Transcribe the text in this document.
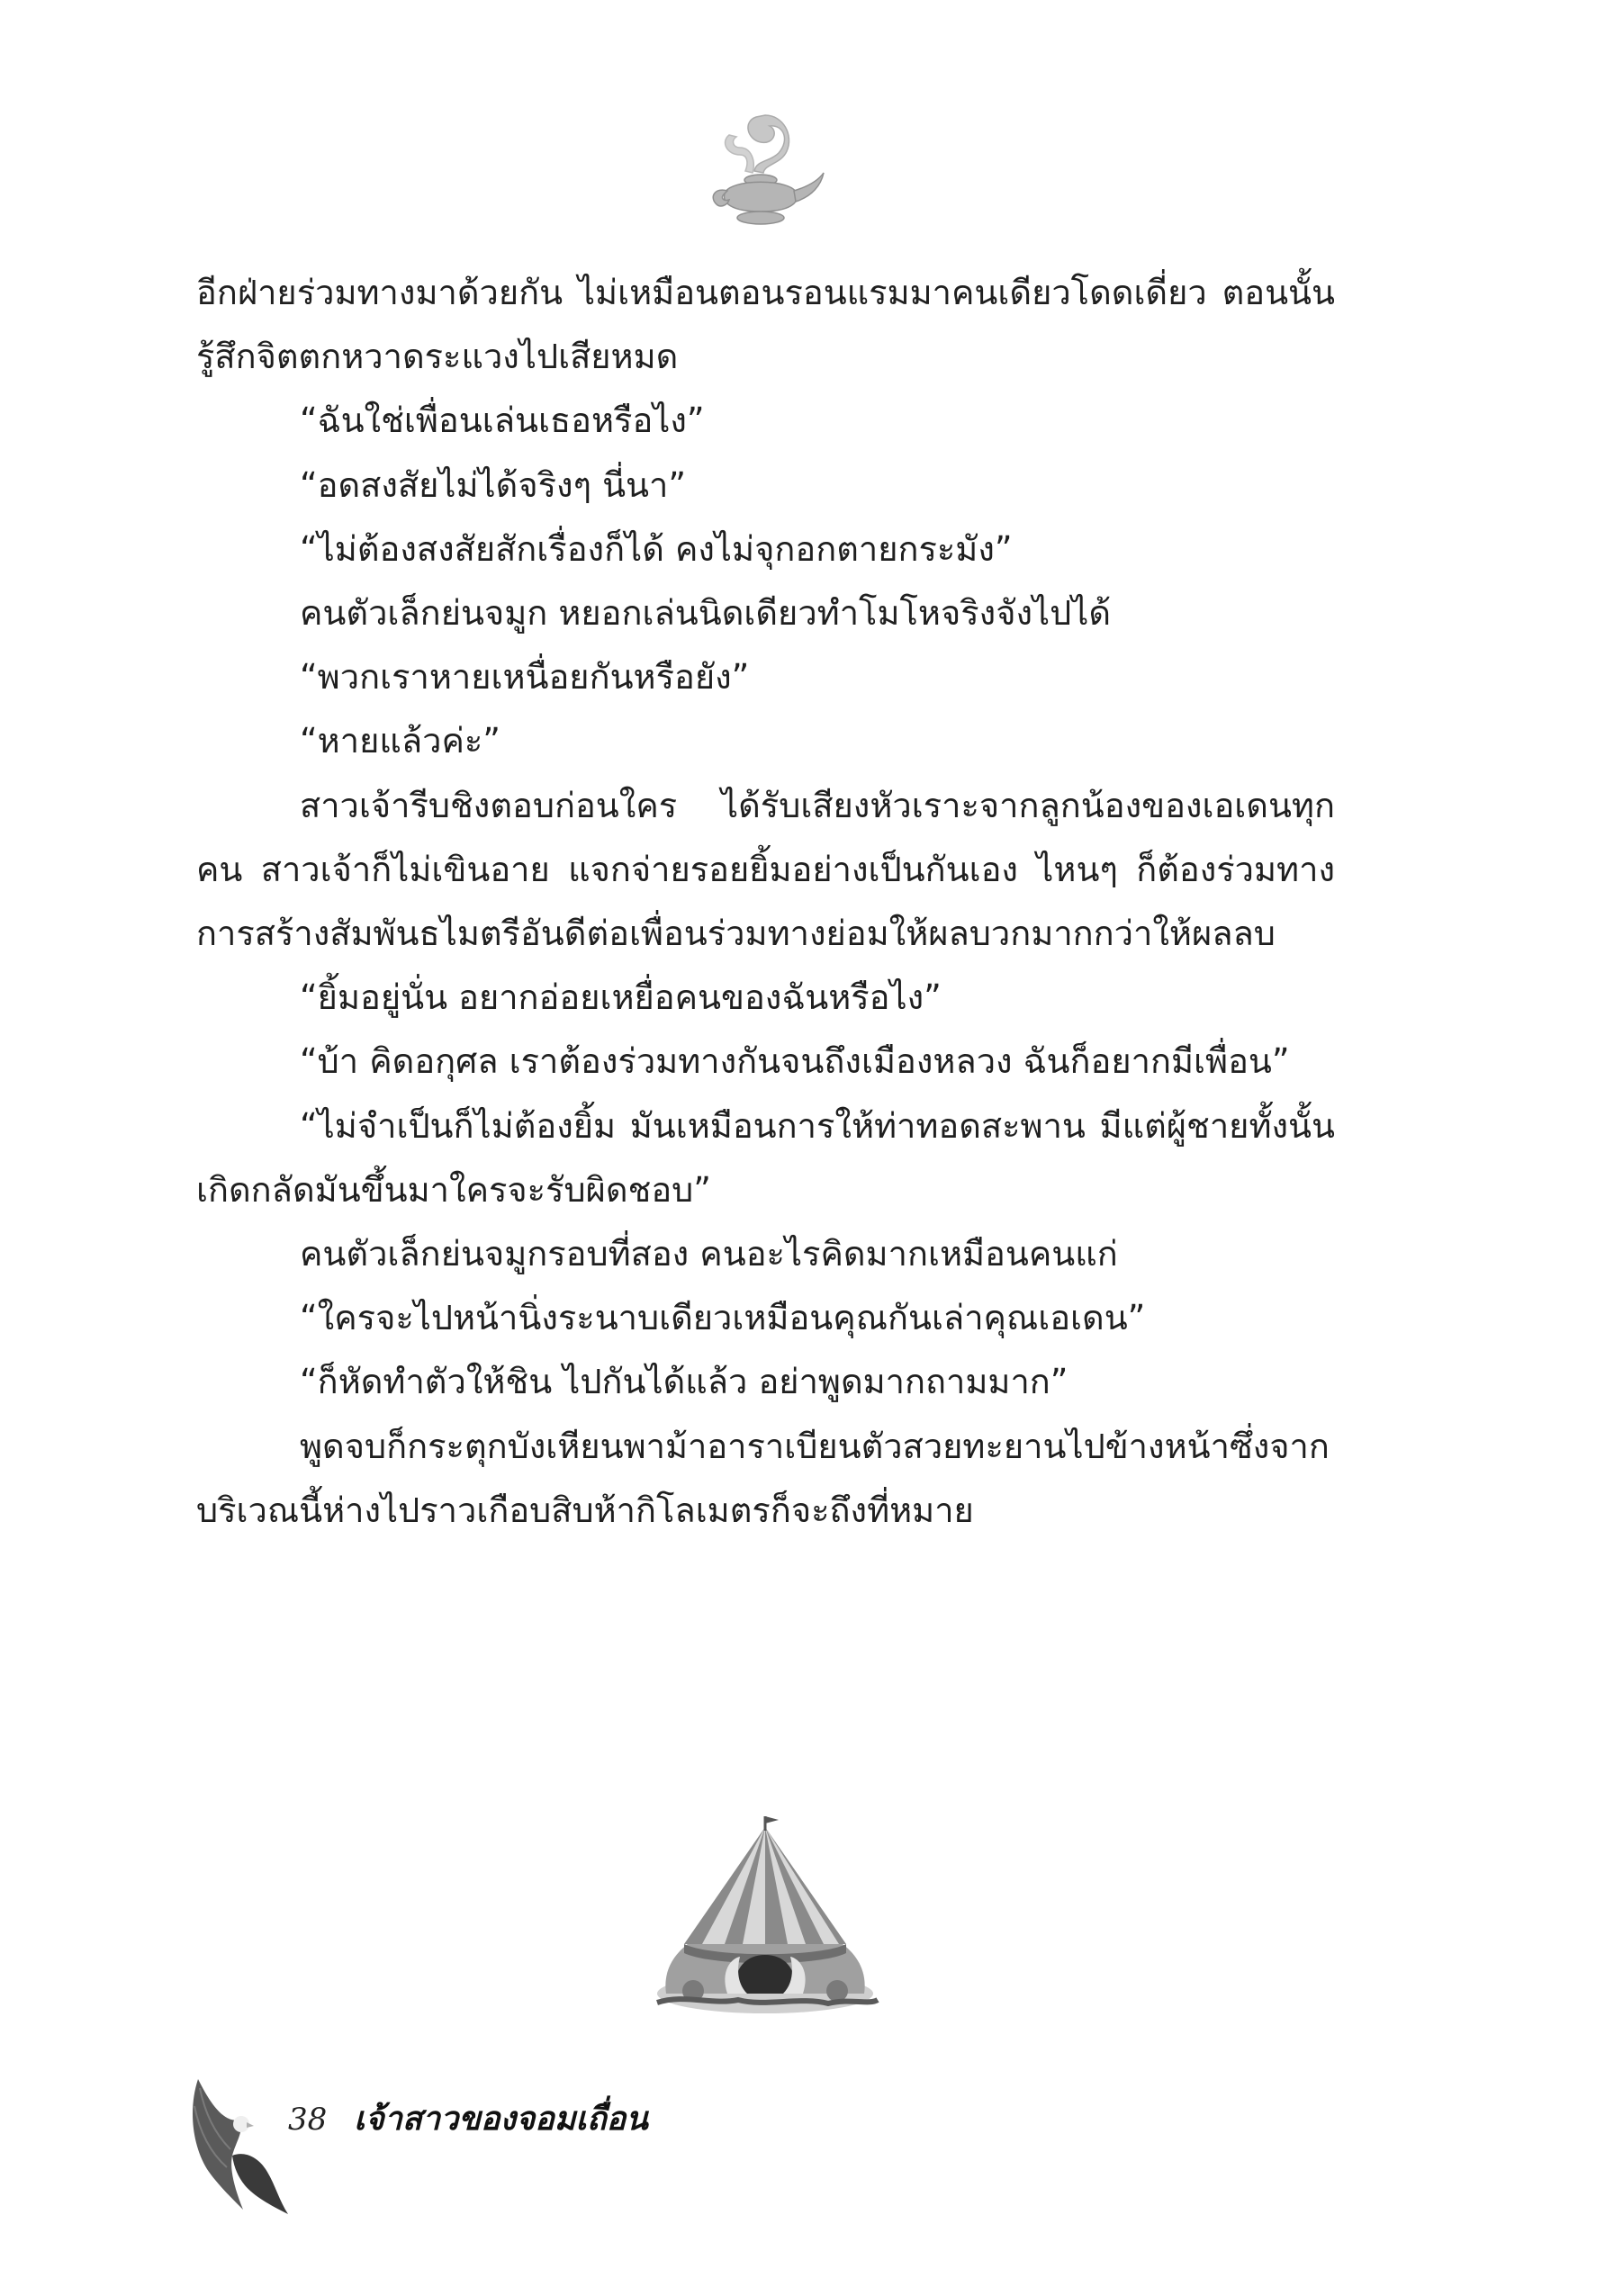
อีกฝ่ายร่วมทางมาด้วยกัน ไม่เหมือนตอนรอนแรมมาคนเดียวโดดเดี่ยว ตอนนั้นรู้สึกจิตตกหวาดระแวงไปเสียหมด

“ฉันใช่เพื่อนเล่นเธอหรือไง”

“อดสงสัยไม่ได้จริงๆ นี่นา”

“ไม่ต้องสงสัยสักเรื่องก็ได้ คงไม่จุกอกตายกระมัง”

คนตัวเล็กย่นจมูก หยอกเล่นนิดเดียวทำโมโหจริงจังไปได้

“พวกเราหายเหนื่อยกันหรือยัง”

“หายแล้วค่ะ”

สาวเจ้ารีบชิงตอบก่อนใคร ได้รับเสียงหัวเราะจากลูกน้องของเอเดนทุกคน สาวเจ้าก็ไม่เขินอาย แจกจ่ายรอยยิ้มอย่างเป็นกันเอง ไหนๆ ก็ต้องร่วมทาง การสร้างสัมพันธไมตรีอันดีต่อเพื่อนร่วมทางย่อมให้ผลบวกมากกว่าให้ผลลบ

“ยิ้มอยู่นั่น อยากอ่อยเหยื่อคนของฉันหรือไง”

“บ้า คิดอกุศล เราต้องร่วมทางกันจนถึงเมืองหลวง ฉันก็อยากมีเพื่อน”

“ไม่จำเป็นก็ไม่ต้องยิ้ม มันเหมือนการให้ท่าทอดสะพาน มีแต่ผู้ชายทั้งนั้น เกิดกลัดมันขึ้นมาใครจะรับผิดชอบ”

คนตัวเล็กย่นจมูกรอบที่สอง คนอะไรคิดมากเหมือนคนแก่

“ใครจะไปหน้านิ่งระนาบเดียวเหมือนคุณกันเล่าคุณเอเดน”

“ก็หัดทำตัวให้ชิน ไปกันได้แล้ว อย่าพูดมากถามมาก”

พูดจบก็กระตุกบังเหียนพาม้าอาราเบียนตัวสวยทะยานไปข้างหน้าซึ่งจากบริเวณนี้ห่างไปราวเกือบสิบห้ากิโลเมตรก็จะถึงที่หมาย

38 เจ้าสาวของจอมเถื่อน
